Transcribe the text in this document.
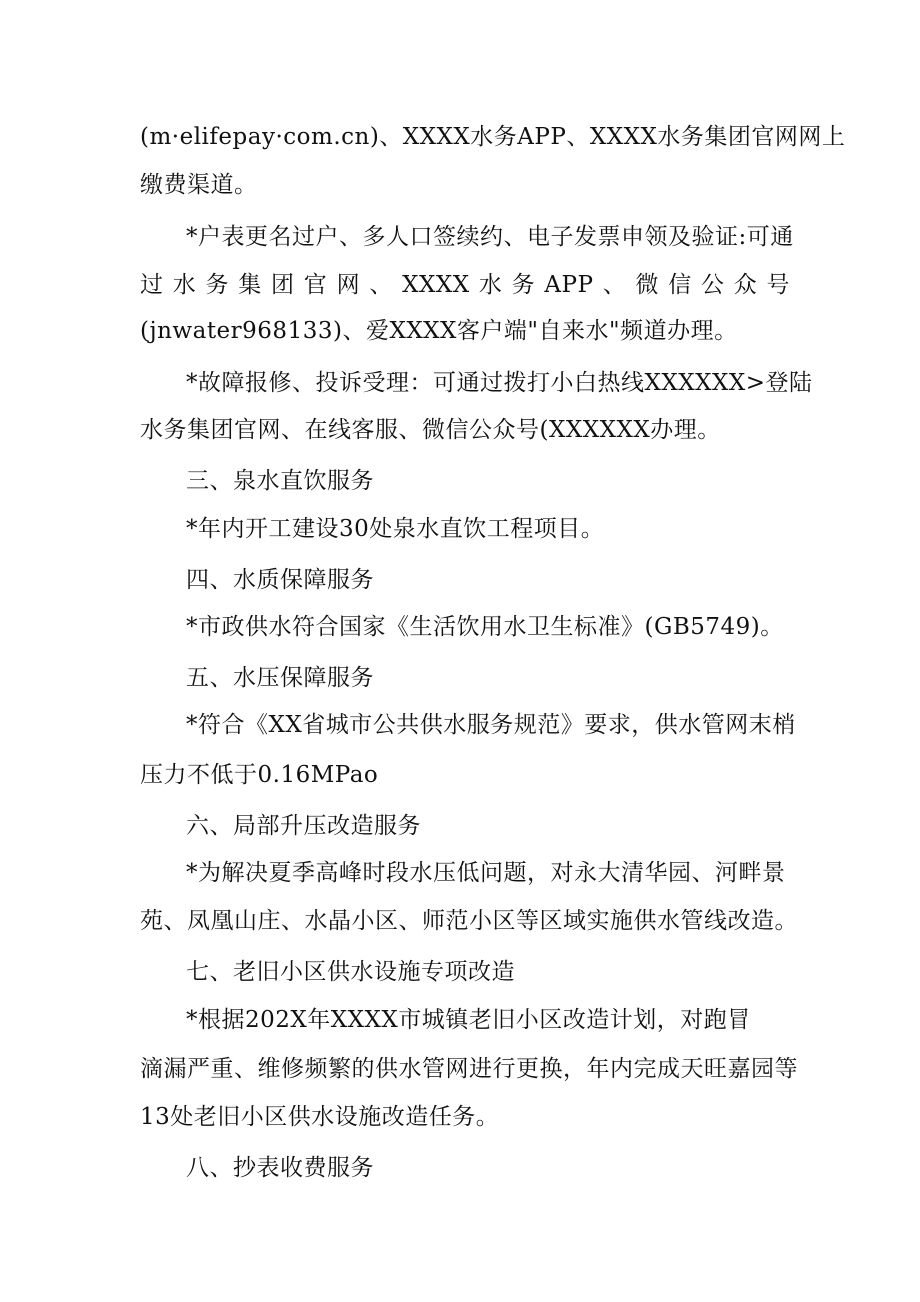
(m·elifepay·com.cn)、XXXX水务APP、XXXX水务集团官网网上
缴费渠道。
*户表更名过户、多人口签续约、电子发票申领及验证:可通
过水务集团官网、XXXX水务APP、微信公众号
(jnwater968133)、爱XXXX客户端"自来水"频道办理。
*故障报修、投诉受理：可通过拨打小白热线XXXXXX>登陆
水务集团官网、在线客服、微信公众号(XXXXXX办理。
三、泉水直饮服务
*年内开工建设30处泉水直饮工程项目。
四、水质保障服务
*市政供水符合国家《生活饮用水卫生标准》(GB5749)。
五、水压保障服务
*符合《XX省城市公共供水服务规范》要求，供水管网末梢
压力不低于0.16MPao
六、局部升压改造服务
*为解决夏季高峰时段水压低问题，对永大清华园、河畔景
苑、凤凰山庄、水晶小区、师范小区等区域实施供水管线改造。
七、老旧小区供水设施专项改造
*根据202X年XXXX市城镇老旧小区改造计划，对跑冒
滴漏严重、维修频繁的供水管网进行更换，年内完成天旺嘉园等
13处老旧小区供水设施改造任务。
八、抄表收费服务
